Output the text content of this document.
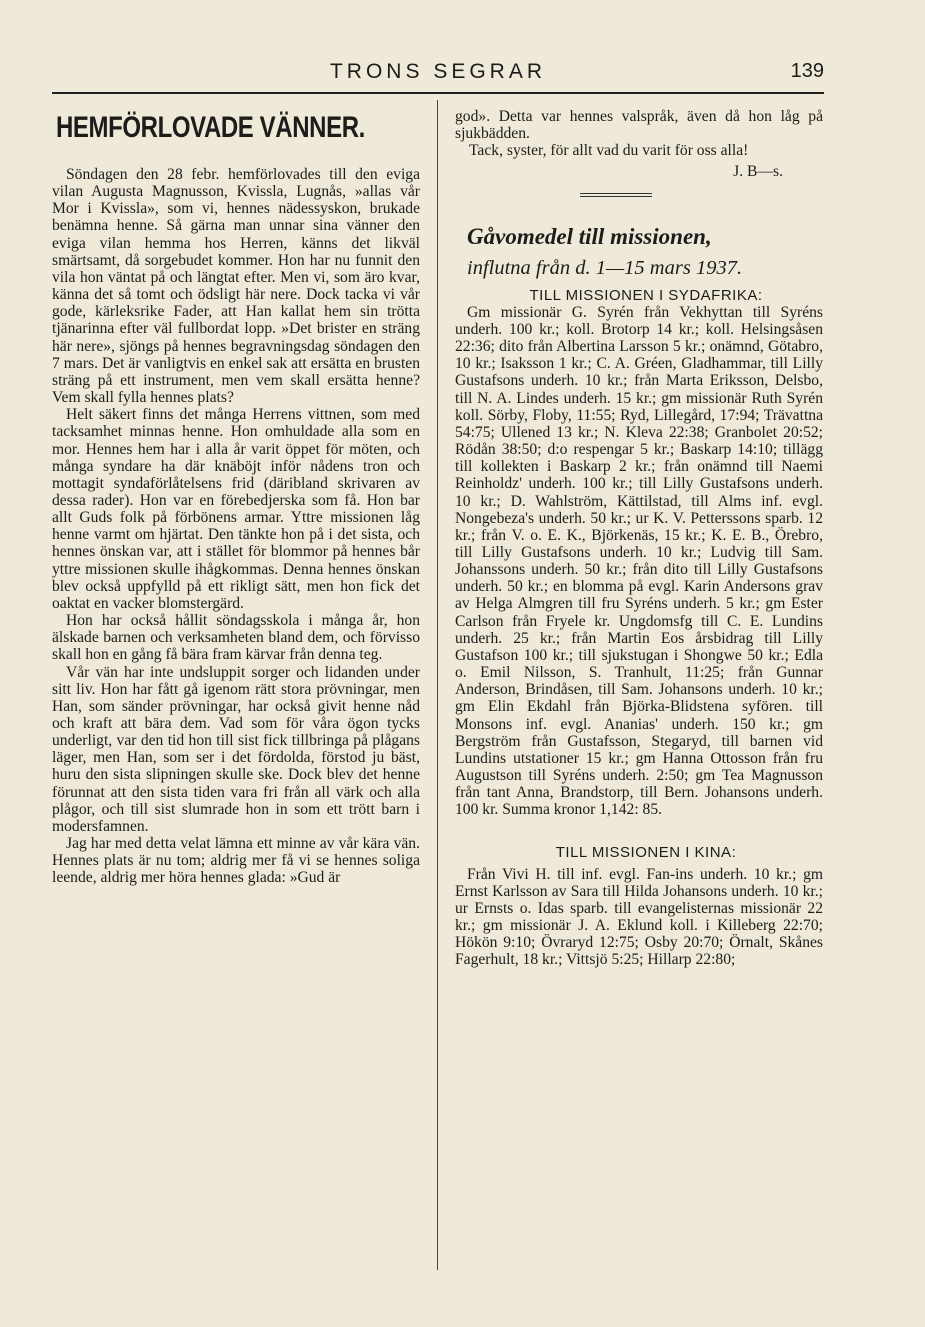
TRONS SEGRAR	139
HEMFÖRLOVADE VÄNNER.

Söndagen den 28 febr. hemförlovades till den eviga vilan Augusta Magnusson, Kvissla, Lugnås, »allas vår Mor i Kvissla», som vi, hennes nädessyskon, brukade benämna henne. Så gärna man unnar sina vänner den eviga vilan hemma hos Herren, känns det likväl smärtsamt, då sorgebudet kommer. Hon har nu funnit den vila hon väntat på och längtat efter. Men vi, som äro kvar, känna det så tomt och ödsligt här nere. Dock tacka vi vår gode, kärleksrike Fader, att Han kallat hem sin trötta tjänarinna efter väl fullbordat lopp. »Det brister en sträng här nere», sjöngs på hennes begravningsdag söndagen den 7 mars. Det är vanligtvis en enkel sak att ersätta en brusten sträng på ett instrument, men vem skall ersätta henne? Vem skall fylla hennes plats?

Helt säkert finns det många Herrens vittnen, som med tacksamhet minnas henne. Hon omhuldade alla som en mor. Hennes hem har i alla år varit öppet för möten, och många syndare ha där knäböjt inför nådens tron och mottagit syndaförlåtelsens frid (däribland skrivaren av dessa rader). Hon var en förebedjerska som få. Hon bar allt Guds folk på förbönens armar. Yttre missionen låg henne varmt om hjärtat. Den tänkte hon på i det sista, och hennes önskan var, att i stället för blommor på hennes bår yttre missionen skulle ihågkommas. Denna hennes önskan blev också uppfylld på ett rikligt sätt, men hon fick det oaktat en vacker blomstergärd.

Hon har också hållit söndagsskola i många år, hon älskade barnen och verksamheten bland dem, och förvisso skall hon en gång få bära fram kärvar från denna teg.

Vår vän har inte undsluppit sorger och lidanden under sitt liv. Hon har fått gå igenom rätt stora prövningar, men Han, som sänder prövningar, har också givit henne nåd och kraft att bära dem. Vad som för våra ögon tycks underligt, var den tid hon till sist fick tillbringa på plågans läger, men Han, som ser i det fördolda, förstod ju bäst, huru den sista slipningen skulle ske. Dock blev det henne förunnat att den sista tiden vara fri från all värk och alla plågor, och till sist slumrade hon in som ett trött barn i modersfamnen.

Jag har med detta velat lämna ett minne av vår kära vän. Hennes plats är nu tom; aldrig mer få vi se hennes soliga leende, aldrig mer höra hennes glada: »Gud är

god». Detta var hennes valspråk, även då hon låg på sjukbädden.

Tack, syster, för allt vad du varit för oss alla!

J. B—s.

Gåvomedel till missionen,
influtna från d. 1—15 mars 1937.

TILL MISSIONEN I SYDAFRIKA:

Gm missionär G. Syrén från Vekhyttan till Syréns underh. 100 kr.; koll. Brotorp 14 kr.; koll. Helsingsåsen 22:36; dito från Albertina Larsson 5 kr.; onämnd, Götabro, 10 kr.; Isaksson 1 kr.; C. A. Gréen, Gladhammar, till Lilly Gustafsons underh. 10 kr.; från Marta Eriksson, Delsbo, till N. A. Lindes underh. 15 kr.; gm missionär Ruth Syrén koll. Sörby, Floby, 11:55; Ryd, Lillegård, 17:94; Trävattna 54:75; Ullened 13 kr.; N. Kleva 22:38; Granbolet 20:52; Rödån 38:50; d:o respengar 5 kr.; Baskarp 14:10; tillägg till kollekten i Baskarp 2 kr.; från onämnd till Naemi Reinholdz' underh. 100 kr.; till Lilly Gustafsons underh. 10 kr.; D. Wahlström, Kättilstad, till Alms inf. evgl. Nongebeza's underh. 50 kr.; ur K. V. Petterssons sparb. 12 kr.; från V. o. E. K., Björkenäs, 15 kr.; K. E. B., Örebro, till Lilly Gustafsons underh. 10 kr.; Ludvig till Sam. Johanssons underh. 50 kr.; från dito till Lilly Gustafsons underh. 50 kr.; en blomma på evgl. Karin Andersons grav av Helga Almgren till fru Syréns underh. 5 kr.; gm Ester Carlson från Fryele kr. Ungdomsfg till C. E. Lundins underh. 25 kr.; från Martin Eos årsbidrag till Lilly Gustafson 100 kr.; till sjukstugan i Shongwe 50 kr.; Edla o. Emil Nilsson, S. Tranhult, 11:25; från Gunnar Anderson, Brindåsen, till Sam. Johansons underh. 10 kr.; gm Elin Ekdahl från Björka-Blidstena syfören. till Monsons inf. evgl. Ananias' underh. 150 kr.; gm Bergström från Gustafsson, Stegaryd, till barnen vid Lundins utstationer 15 kr.; gm Hanna Ottosson från fru Augustson till Syréns underh. 2:50; gm Tea Magnusson från tant Anna, Brandstorp, till Bern. Johansons underh. 100 kr. Summa kronor 1,142: 85.

TILL MISSIONEN I KINA:

Från Vivi H. till inf. evgl. Fan-ins underh. 10 kr.; gm Ernst Karlsson av Sara till Hilda Johansons underh. 10 kr.; ur Ernsts o. Idas sparb. till evangelisternas missionär 22 kr.; gm missionär J. A. Eklund koll. i Killeberg 22:70; Hökön 9:10; Övraryd 12:75; Osby 20:70; Örnalt, Skånes Fagerhult, 18 kr.; Vittsjö 5:25; Hillarp 22:80;
